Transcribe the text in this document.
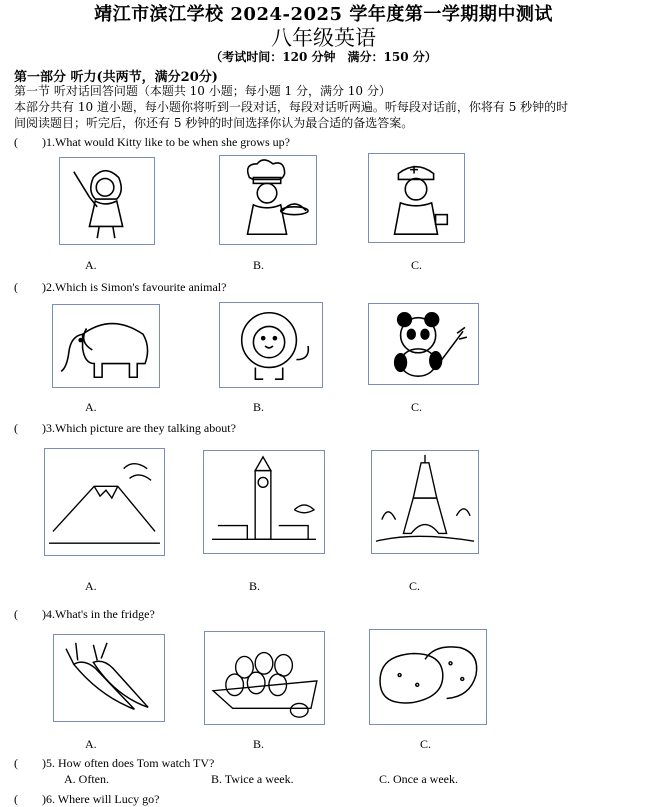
靖江市滨江学校 2024-2025 学年度第一学期期中测试
八年级英语
（考试时间：120 分钟　满分：150 分）
第一部分 听力(共两节，满分20分)
第一节 听对话回答问题（本题共 10 小题；每小题 1 分，满分 10 分）
本部分共有 10 道小题，每小题你将听到一段对话，每段对话听两遍。听每段对话前，你将有 5 秒钟的时
间阅读题目；听完后，你还有 5 秒钟的时间选择你认为最合适的备选答案。
(　　)1.What would Kitty like to be when she grows up?
A.	B.	C.
(　　)2.Which is Simon's favourite animal?
A.	B.	C.
(　　)3.Which picture are they talking about?
A.	B.	C.
(　　)4.What's in the fridge?
A.	B.	C.
(　　)5. How often does Tom watch TV?
A. Often.	B. Twice a week.	C. Once a week.
(　　)6. Where will Lucy go?
